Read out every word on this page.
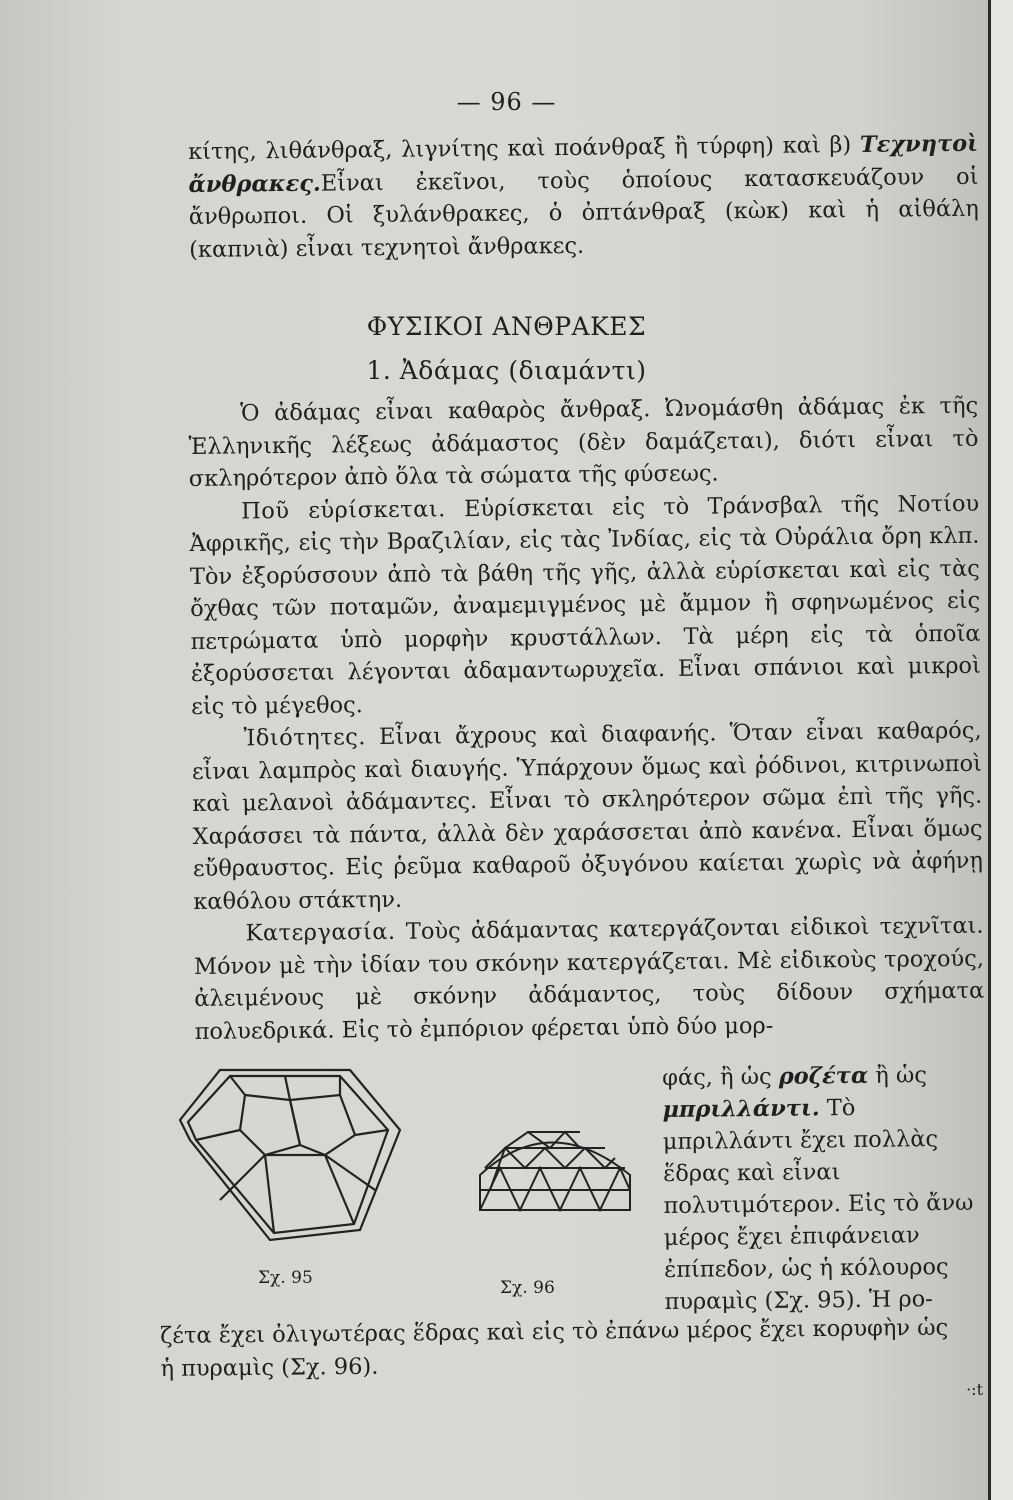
— 96 —

κίτης, λιθάνθραξ, λιγνίτης καὶ ποάνθραξ ἢ τύρφη) καὶ β) Τεχνητοὶ ἄνθρακες.Εἶναι ἐκεῖνοι, τοὺς ὁποίους κατασκευάζουν οἱ ἄνθρωποι. Οἱ ξυλάνθρακες, ὁ ὀπτάνθραξ (κὼκ) καὶ ἡ αἰθάλη (καπνιὰ) εἶναι τεχνητοὶ ἄνθρακες.

ΦΥΣΙΚΟΙ ΑΝΘΡΑΚΕΣ
1. Ἀδάμας (διαμάντι)

Ὁ ἀδάμας εἶναι καθαρὸς ἄνθραξ. Ὠνομάσθη ἀδάμας ἐκ τῆς Ἑλληνικῆς λέξεως ἀδάμαστος (δὲν δαμάζεται), διότι εἶναι τὸ σκληρότερον ἀπὸ ὅλα τὰ σώματα τῆς φύσεως.

Ποῦ εὑρίσκεται. Εὑρίσκεται εἰς τὸ Τράνσβαλ τῆς Νοτίου Ἀφρικῆς, εἰς τὴν Βραζιλίαν, εἰς τὰς Ἰνδίας, εἰς τὰ Οὐράλια ὄρη κλπ. Τὸν ἐξορύσσουν ἀπὸ τὰ βάθη τῆς γῆς, ἀλλὰ εὑρίσκεται καὶ εἰς τὰς ὄχθας τῶν ποταμῶν, ἀναμεμιγμένος μὲ ἄμμον ἢ σφηνωμένος εἰς πετρώματα ὑπὸ μορφὴν κρυστάλλων. Τὰ μέρη εἰς τὰ ὁποῖα ἐξορύσσεται λέγονται ἀδαμαντωρυχεῖα. Εἶναι σπάνιοι καὶ μικροὶ εἰς τὸ μέγεθος.

Ἰδιότητες. Εἶναι ἄχρους καὶ διαφανής. Ὅταν εἶναι καθαρός, εἶναι λαμπρὸς καὶ διαυγής. Ὑπάρχουν ὅμως καὶ ῥόδινοι, κιτρινωποὶ καὶ μελανοὶ ἀδάμαντες. Εἶναι τὸ σκληρότερον σῶμα ἐπὶ τῆς γῆς. Χαράσσει τὰ πάντα, ἀλλὰ δὲν χαράσσεται ἀπὸ κανένα. Εἶναι ὅμως εὔθραυστος. Εἰς ῥεῦμα καθαροῦ ὀξυγόνου καίεται χωρὶς νὰ ἀφήνῃ καθόλου στάκτην.

Κατεργασία. Τοὺς ἀδάμαντας κατεργάζονται εἰδικοὶ τεχνῖται. Μόνον μὲ τὴν ἰδίαν του σκόνην κατεργάζεται. Μὲ εἰδικοὺς τροχούς, ἀλειμένους μὲ σκόνην ἀδάμαντος, τοὺς δίδουν σχήματα πολυεδρικά. Εἰς τὸ ἐμπόριον φέρεται ὑπὸ δύο μορ-

Σχ. 95	Σχ. 96
φάς, ἢ ὡς ροζέτα ἢ ὡς μπριλλάντι. Τὸ μπριλλάντι ἔχει πολλὰς ἕδρας καὶ εἶναι πολυτιμότερον. Εἰς τὸ ἄνω μέρος ἔχει ἐπιφάνειαν ἐπίπεδον, ὡς ἡ κόλουρος πυραμὶς (Σχ. 95). Ἡ ρο-
ζέτα ἔχει ὀλιγωτέρας ἕδρας καὶ εἰς τὸ ἐπάνω μέρος ἔχει κορυφὴν ὡς ἡ πυραμὶς (Σχ. 96).
·:t
